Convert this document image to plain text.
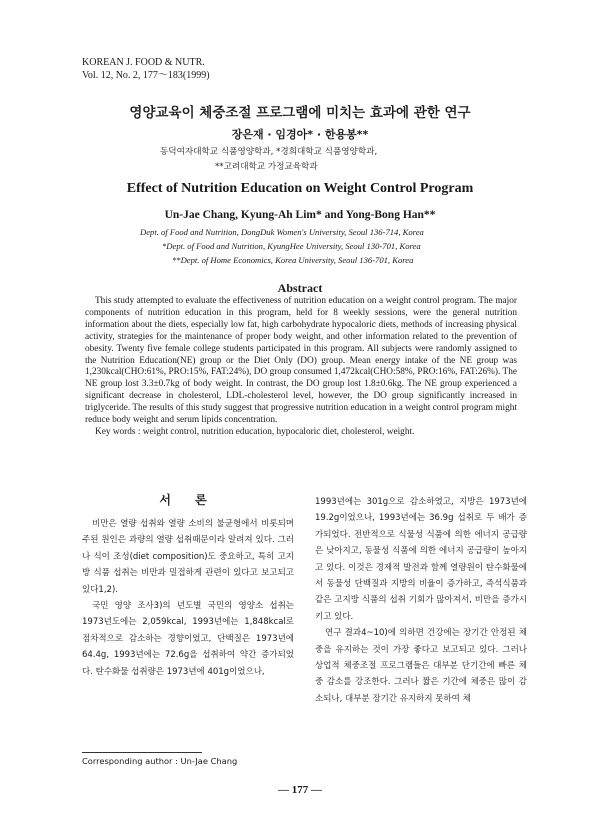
KOREAN J. FOOD & NUTR.
Vol. 12, No. 2, 177～183(1999)
영양교육이 체중조절 프로그램에 미치는 효과에 관한 연구
장은재 · 임경아* · 한용봉**
동덕여자대학교 식품영양학과, *경희대학교 식품영양학과,
**고려대학교 가정교육학과
Effect of Nutrition Education on Weight Control Program
Un-Jae Chang, Kyung-Ah Lim* and Yong-Bong Han**
Dept. of Food and Nutrition, DongDuk Women's University, Seoul 136-714, Korea
*Dept. of Food and Nutrition, KyungHee University, Seoul 130-701, Korea
**Dept. of Home Economics, Korea University, Seoul 136-701, Korea
Abstract

This study attempted to evaluate the effectiveness of nutrition education on a weight control program. The major components of nutrition education in this program, held for 8 weekly sessions, were the general nutrition information about the diets, especially low fat, high carbohydrate hypocaloric diets, methods of increasing physical activity, strategies for the maintenance of proper body weight, and other information related to the prevention of obesity. Twenty five female college students participated in this program. All subjects were randomly assigned to the Nutrition Education(NE) group or the Diet Only (DO) group. Mean energy intake of the NE group was 1,230kcal(CHO:61%, PRO:15%, FAT:24%), DO group consumed 1,472kcal(CHO:58%, PRO:16%, FAT:26%). The NE group lost 3.3±0.7kg of body weight. In contrast, the DO group lost 1.8±0.6kg. The NE group experienced a significant decrease in cholesterol, LDL-cholesterol level, however, the DO group significantly increased in triglyceride. The results of this study suggest that progressive nutrition education in a weight control program might reduce body weight and serum lipids concentration.

Key words : weight control, nutrition education, hypocaloric diet, cholesterol, weight.

서 론

비만은 열량 섭취와 열량 소비의 불균형에서 비롯되며 주된 원인은 과량의 열량 섭취때문이라 알려져 있다. 그러나 식이 조성(diet composition)도 중요하고, 특히 고지방 식품 섭취는 비만과 밀접하게 관련이 있다고 보고되고 있다1,2).

국민 영양 조사3)의 년도별 국민의 영양소 섭취는 1973년도에는 2,059kcal, 1993년에는 1,848kcal로 점차적으로 감소하는 경향이었고, 단백질은 1973년에 64.4g, 1993년에는 72.6g을 섭취하여 약간 증가되었다. 탄수화물 섭취량은 1973년에 401g이었으나,

1993년에는 301g으로 감소하였고, 지방은 1973년에 19.2g이었으나, 1993년에는 36.9g 섭취로 두 배가 증가되었다. 전반적으로 식물성 식품에 의한 에너지 공급량은 낮아지고, 동물성 식품에 의한 에너지 공급량이 높아지고 있다. 이것은 경제적 발전과 함께 열량원이 탄수화물에서 동물성 단백질과 지방의 비율이 증가하고, 즉석식품과 같은 고지방 식품의 섭취 기회가 많아져서, 비만을 증가시키고 있다.

연구 결과4~10)에 의하면 건강에는 장기간 안정된 체중을 유지하는 것이 가장 좋다고 보고되고 있다. 그러나 상업적 체중조절 프로그램들은 대부분 단기간에 빠른 체중 감소를 강조한다. 그러나 짧은 기간에 체중은 많이 감소되나, 대부분 장기간 유지하지 못하여 체

Corresponding author : Un-Jae Chang
— 177 —
